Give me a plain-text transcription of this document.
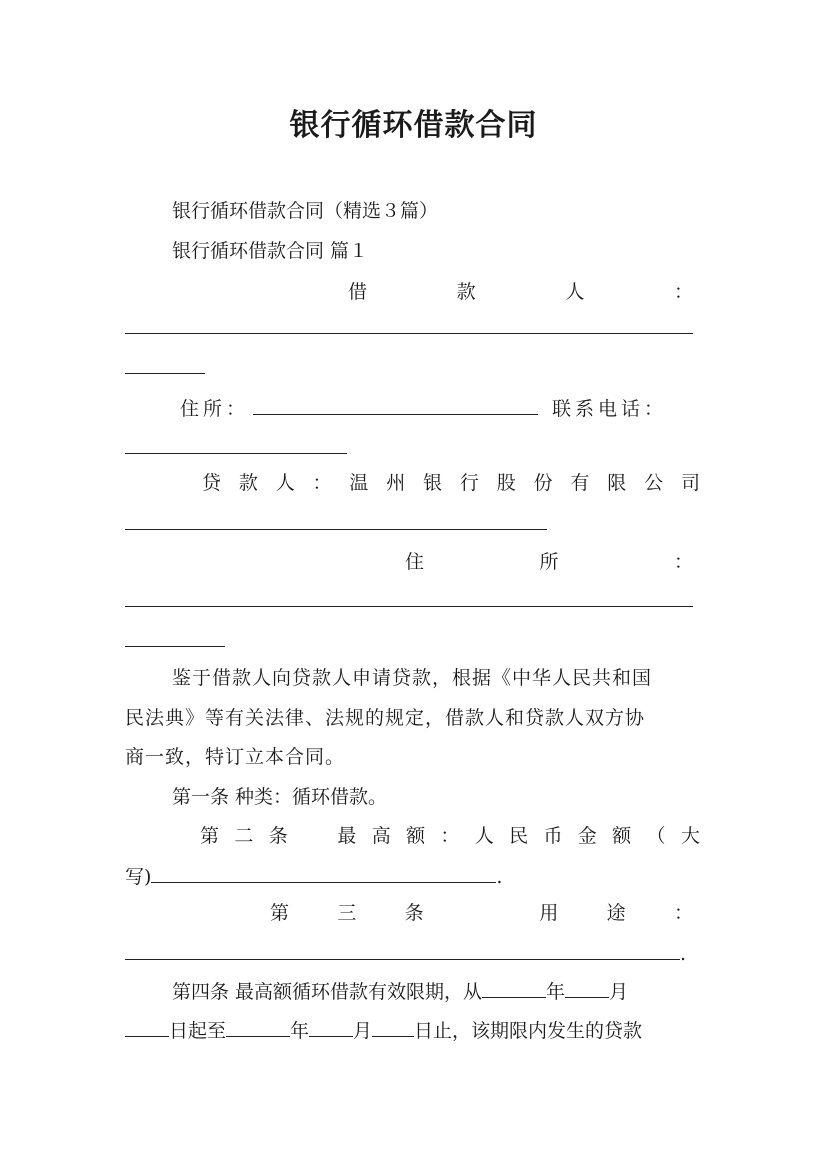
银行循环借款合同
银行循环借款合同（精选３篇）
银行循环借款合同 篇１
借	款	人	：
住所：	联系电话：
贷 款 人 ： 温 州 银 行 股 份 有 限 公 司
住	所	：
鉴于借款人向贷款人申请贷款，根据《中华人民共和国
民法典》等有关法律、法规的规定，借款人和贷款人双方协
商一致，特订立本合同。
第一条 种类：循环借款。
第 二 条
　	最 高 额 ： 人 民 币 金 额 （ 大
写)	.
第	三	条
　	用	途	：
.
第四条 最高额循环借款有效限期，从	年 月
日起至	年 月 日止，该期限内发生的贷款
